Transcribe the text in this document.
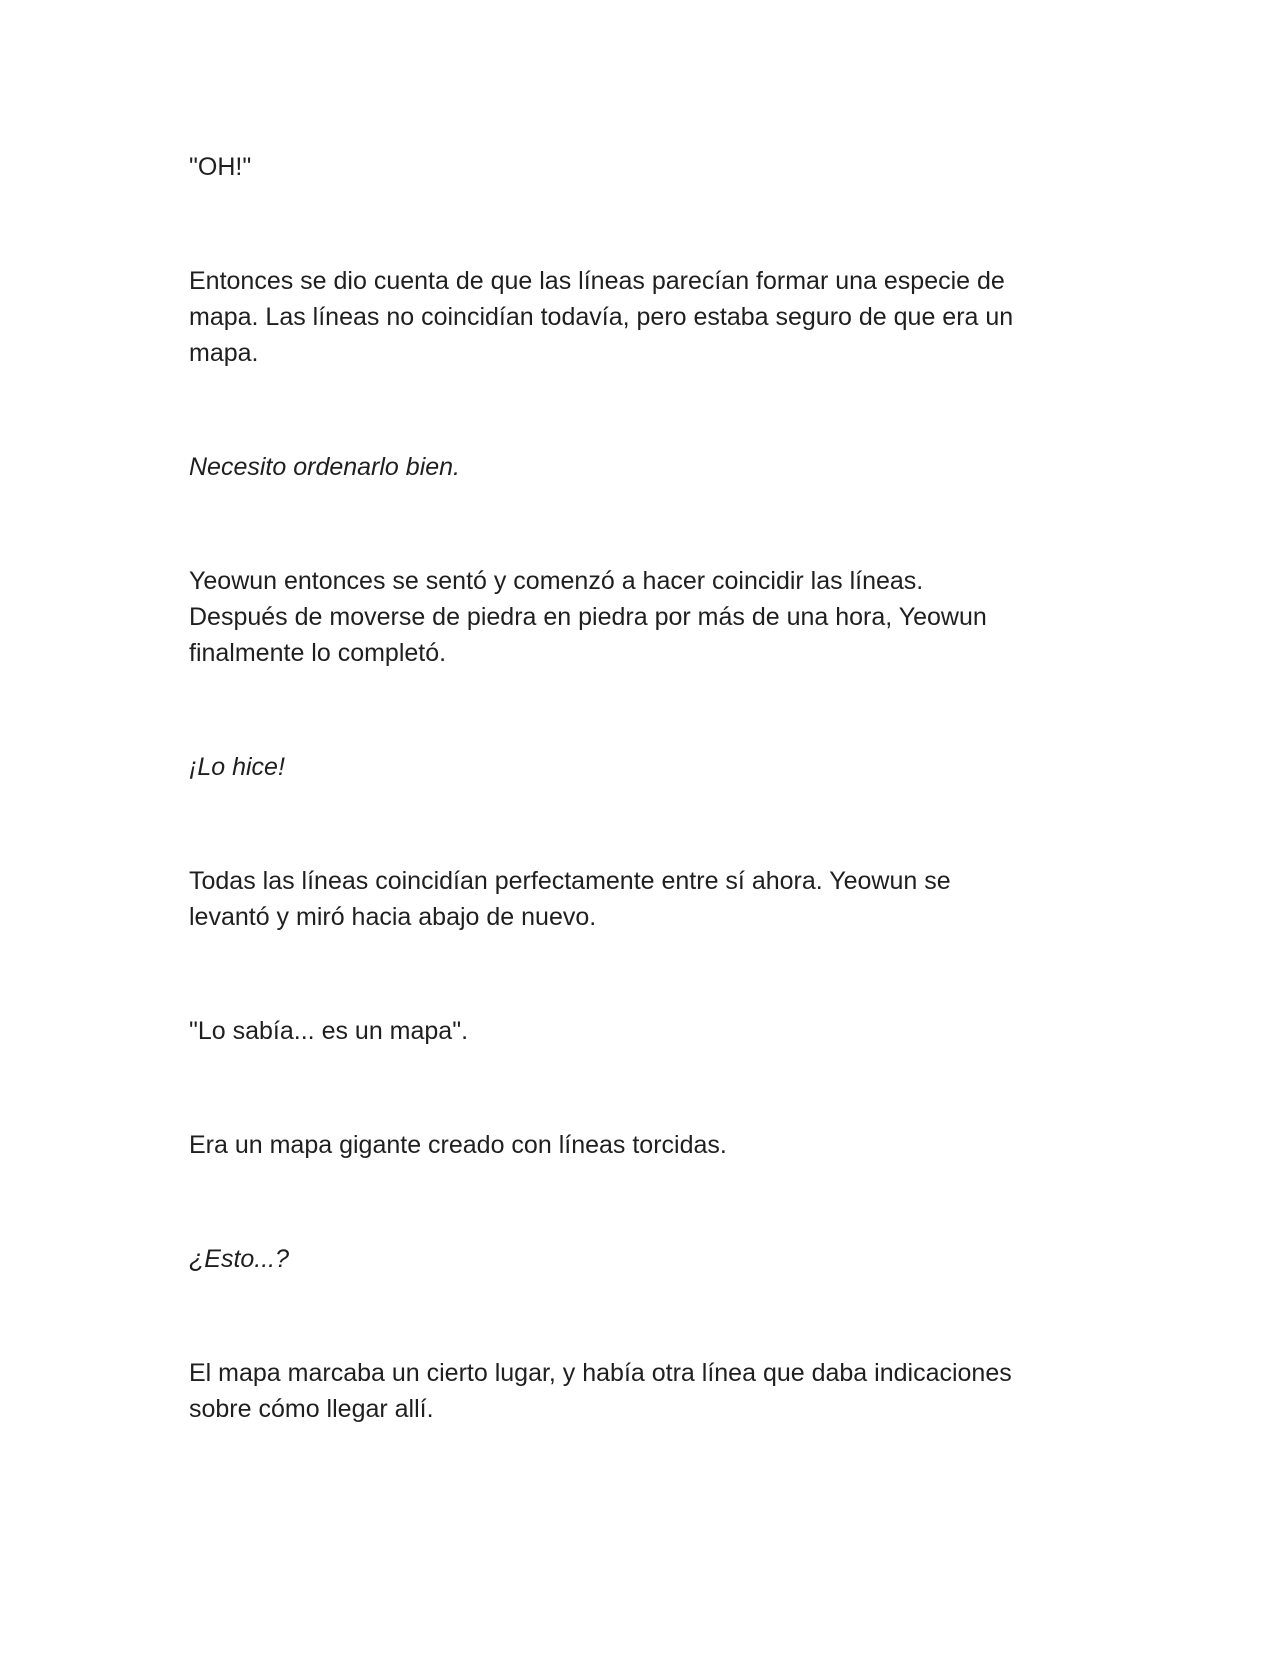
"OH!"

Entonces se dio cuenta de que las líneas parecían formar una especie de
mapa. Las líneas no coincidían todavía, pero estaba seguro de que era un
mapa.

Necesito ordenarlo bien.

Yeowun entonces se sentó y comenzó a hacer coincidir las líneas.
Después de moverse de piedra en piedra por más de una hora, Yeowun
finalmente lo completó.

¡Lo hice!

Todas las líneas coincidían perfectamente entre sí ahora. Yeowun se
levantó y miró hacia abajo de nuevo.

"Lo sabía... es un mapa".

Era un mapa gigante creado con líneas torcidas.

¿Esto...?

El mapa marcaba un cierto lugar, y había otra línea que daba indicaciones
sobre cómo llegar allí.
